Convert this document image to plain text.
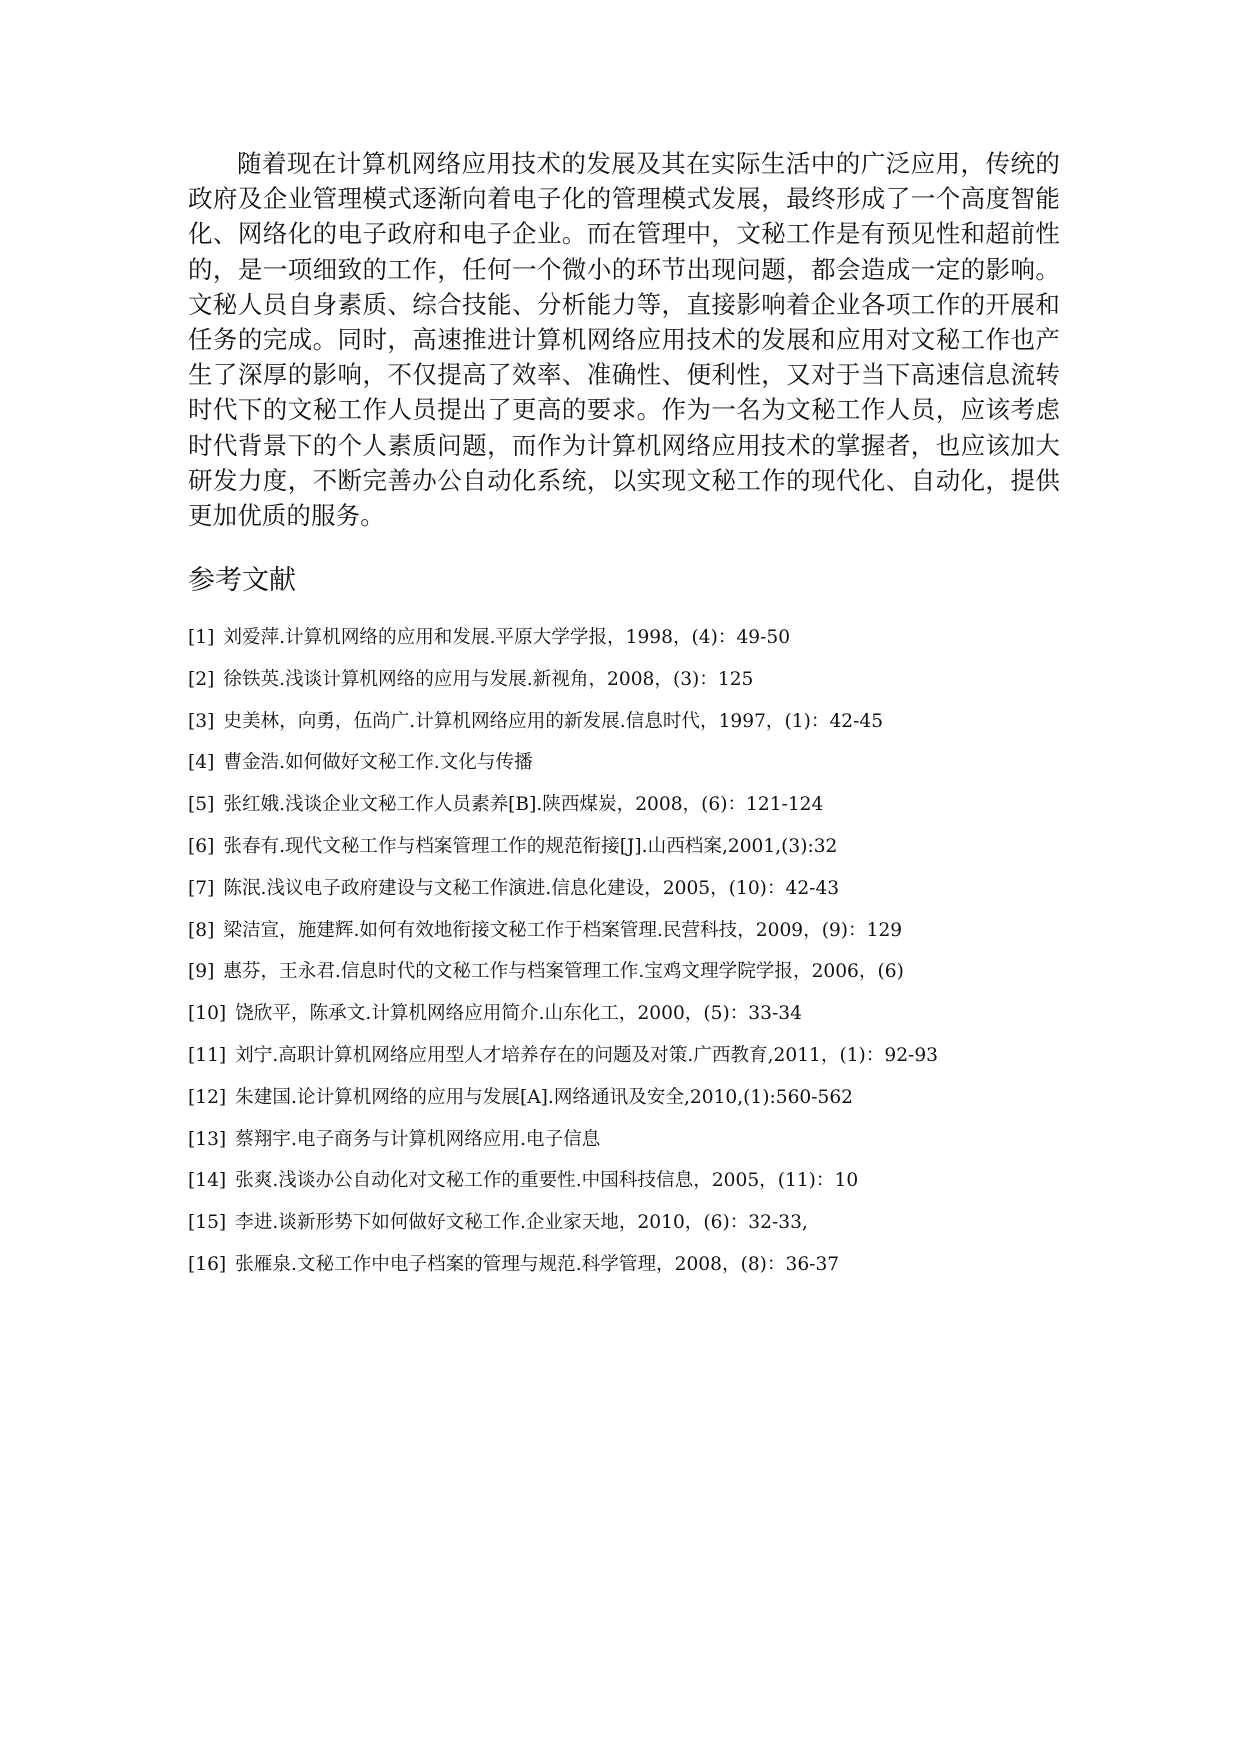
随着现在计算机网络应用技术的发展及其在实际生活中的广泛应用，传统的政府及企业管理模式逐渐向着电子化的管理模式发展，最终形成了一个高度智能化、网络化的电子政府和电子企业。而在管理中，文秘工作是有预见性和超前性的，是一项细致的工作，任何一个微小的环节出现问题，都会造成一定的影响。文秘人员自身素质、综合技能、分析能力等，直接影响着企业各项工作的开展和任务的完成。同时，高速推进计算机网络应用技术的发展和应用对文秘工作也产生了深厚的影响，不仅提高了效率、准确性、便利性，又对于当下高速信息流转时代下的文秘工作人员提出了更高的要求。作为一名为文秘工作人员，应该考虑时代背景下的个人素质问题，而作为计算机网络应用技术的掌握者，也应该加大研发力度，不断完善办公自动化系统，以实现文秘工作的现代化、自动化，提供更加优质的服务。

参考文献
[1] 刘爱萍.计算机网络的应用和发展.平原大学学报，1998，(4)：49-50
[2] 徐铁英.浅谈计算机网络的应用与发展.新视角，2008，(3)：125
[3] 史美林，向勇，伍尚广.计算机网络应用的新发展.信息时代，1997，(1)：42-45
[4] 曹金浩.如何做好文秘工作.文化与传播
[5] 张红娥.浅谈企业文秘工作人员素养[B].陕西煤炭，2008，(6)：121-124
[6] 张春有.现代文秘工作与档案管理工作的规范衔接[J].山西档案,2001,(3):32
[7] 陈泯.浅议电子政府建设与文秘工作演进.信息化建设，2005，(10)：42-43
[8] 梁洁宣，施建辉.如何有效地衔接文秘工作于档案管理.民营科技，2009，(9)：129
[9] 惠芬，王永君.信息时代的文秘工作与档案管理工作.宝鸡文理学院学报，2006，(6)
[10] 饶欣平，陈承文.计算机网络应用简介.山东化工，2000，(5)：33-34
[11] 刘宁.高职计算机网络应用型人才培养存在的问题及对策.广西教育,2011，(1)：92-93
[12] 朱建国.论计算机网络的应用与发展[A].网络通讯及安全,2010,(1):560-562
[13] 蔡翔宇.电子商务与计算机网络应用.电子信息
[14] 张爽.浅谈办公自动化对文秘工作的重要性.中国科技信息，2005，(11)：10
[15] 李进.谈新形势下如何做好文秘工作.企业家天地，2010，(6)：32-33,
[16] 张雁泉.文秘工作中电子档案的管理与规范.科学管理，2008，(8)：36-37
